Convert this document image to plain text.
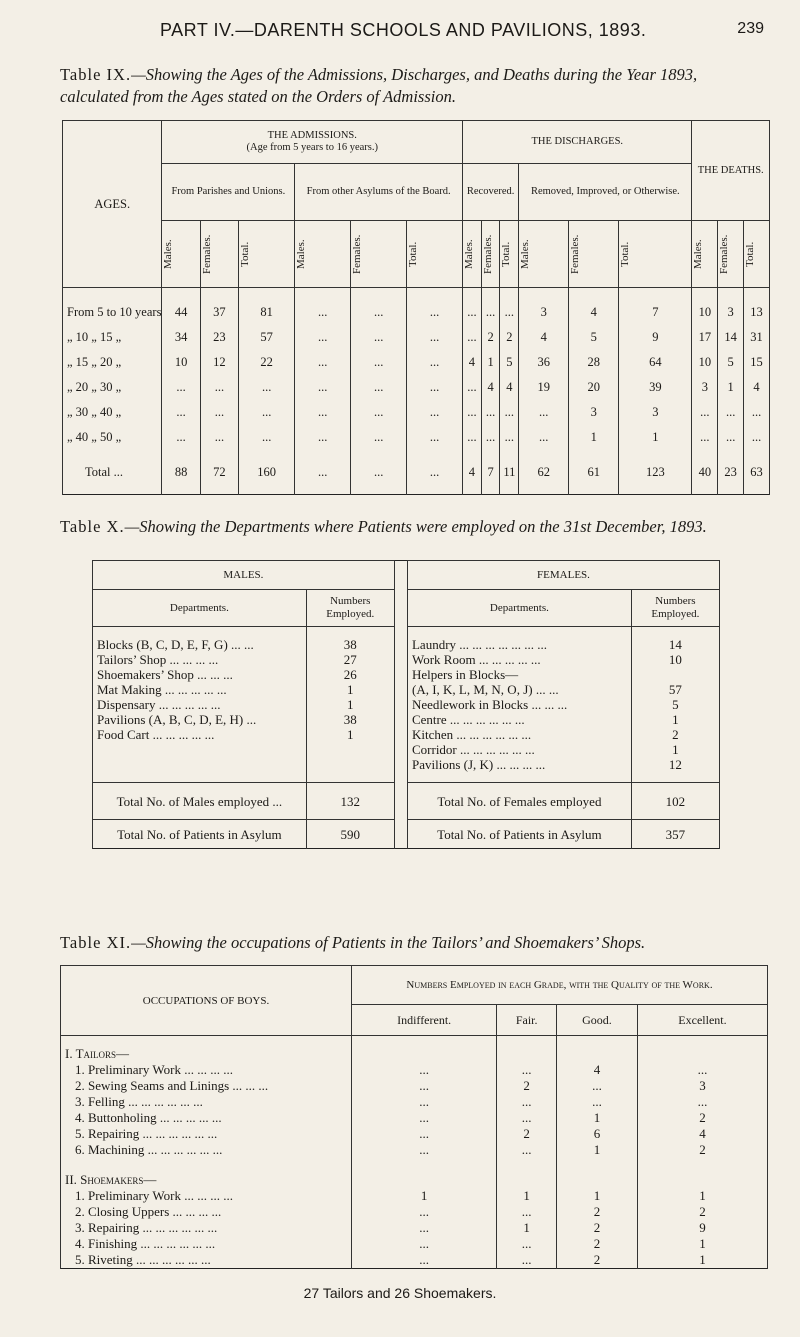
PART IV.—DARENTH SCHOOLS AND PAVILIONS, 1893.	239
Table IX.—Showing the Ages of the Admissions, Discharges, and Deaths during the Year 1893, calculated from the Ages stated on the Orders of Admission.
AGES.	THE ADMISSIONS.
(Age from 5 years to 16 years.)						THE DISCHARGES.						THE DEATHS.		
	From Parishes and Unions.			From other Asylums of the Board.			Recovered.			Removed, Improved, or Otherwise.					

	Males.	Females.	Total.	Males.	Females.	Total.	Males.	Females.	Total.	Males.	Females.	Total.	Males.	Females.	Total.

From 5 to 10 years	44	37	81	...	...	...	...	...	...	3	4	7	10	3	13
„ 10 „ 15 „	34	23	57	...	...	...	...	2	2	4	5	9	17	14	31
„ 15 „ 20 „	10	12	22	...	...	...	4	1	5	36	28	64	10	5	15
„ 20 „ 30 „	...	...	...	...	...	...	...	4	4	19	20	39	3	1	4
„ 30 „ 40 „	...	...	...	...	...	...	...	...	...	...	3	3	...	...	...
„ 40 „ 50 „	...	...	...	...	...	...	...	...	...	...	1	1	...	...	...
Total ...	88	72	160	...	...	...	4	7	11	62	61	123	40	23	63
Table X.—Showing the Departments where Patients were employed on the 31st December, 1893.
MALES.			FEMALES.	
Departments.	Numbers Employed.		Departments.	Numbers Employed.
Blocks (B, C, D, E, F, G) ... ...	38		Laundry ... ... ... ... ... ... ...	14
Tailors’ Shop ... ... ... ...	27		Work Room ... ... ... ... ...	10
Shoemakers’ Shop ... ... ...	26		Helpers in Blocks—	
Mat Making ... ... ... ... ...	1		(A, I, K, L, M, N, O, J) ... ...	57
Dispensary ... ... ... ... ...	1		Needlework in Blocks ... ... ...	5
Pavilions (A, B, C, D, E, H) ...	38		Centre ... ... ... ... ... ...	1
Food Cart ... ... ... ... ...	1		Kitchen ... ... ... ... ... ...	2
			Corridor ... ... ... ... ... ...	1
			Pavilions (J, K) ... ... ... ...	12

Total No. of Males employed ...	132		Total No. of Females employed	102
Total No. of Patients in Asylum	590		Total No. of Patients in Asylum	357
Table XI.—Showing the occupations of Patients in the Tailors’ and Shoemakers’ Shops.
OCCUPATIONS OF BOYS.	Numbers Employed in each Grade, with the Quality of the Work.			
	Indifferent.	Fair.	Good.	Excellent.
I. Tailors—				
1. Preliminary Work ... ... ... ...	...	...	4	...
2. Sewing Seams and Linings ... ... ...	...	2	...	3
3. Felling ... ... ... ... ... ...	...	...	...	...
4. Buttonholing ... ... ... ... ...	...	...	1	2
5. Repairing ... ... ... ... ... ...	...	2	6	4
6. Machining ... ... ... ... ... ...	...	...	1	2
II. Shoemakers—				
1. Preliminary Work ... ... ... ...	1	1	1	1
2. Closing Uppers ... ... ... ...	...	...	2	2
3. Repairing ... ... ... ... ... ...	...	1	2	9
4. Finishing ... ... ... ... ... ...	...	...	2	1
5. Riveting ... ... ... ... ... ...	...	...	2	1
27 Tailors and 26 Shoemakers.
